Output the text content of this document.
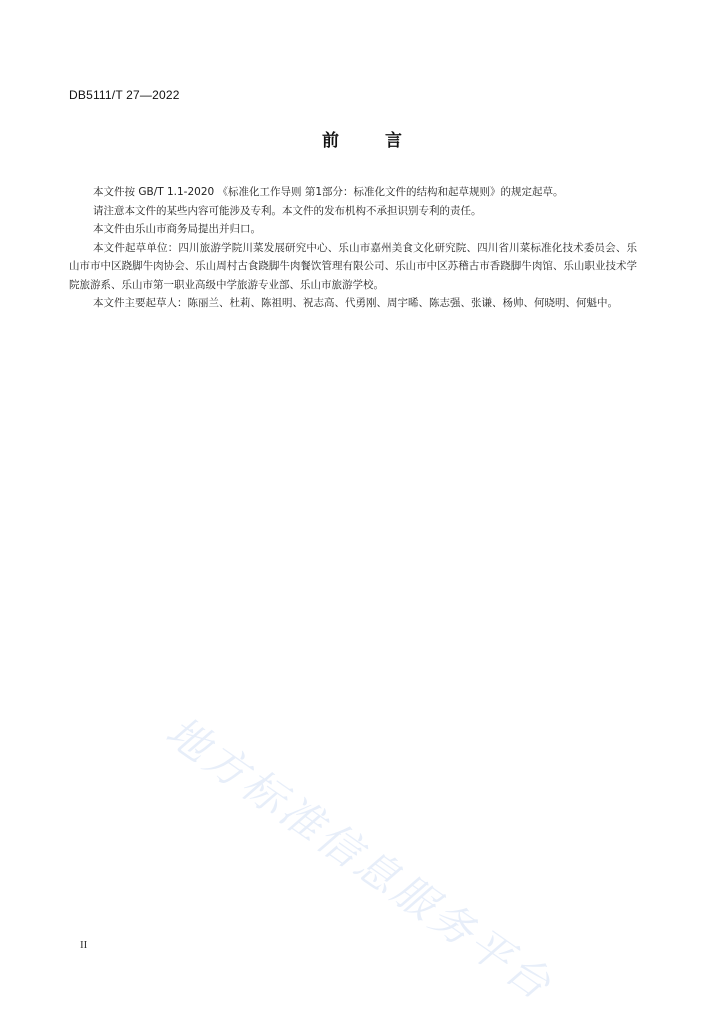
DB5111/T 27—2022
前	言

本文件按 GB/T 1.1-2020 《标准化工作导则 第1部分：标准化文件的结构和起草规则》的规定起草。

请注意本文件的某些内容可能涉及专利。本文件的发布机构不承担识别专利的责任。

本文件由乐山市商务局提出并归口。

本文件起草单位：四川旅游学院川菜发展研究中心、乐山市嘉州美食文化研究院、四川省川菜标准化技术委员会、乐山市市中区跷脚牛肉协会、乐山周村古食跷脚牛肉餐饮管理有限公司、乐山市中区苏稽古市香跷脚牛肉馆、乐山职业技术学院旅游系、乐山市第一职业高级中学旅游专业部、乐山市旅游学校。

本文件主要起草人：陈丽兰、杜莉、陈祖明、祝志高、代勇刚、周宇晞、陈志强、张谦、杨帅、何晓明、何魁中。

地方标准信息服务平台
II
